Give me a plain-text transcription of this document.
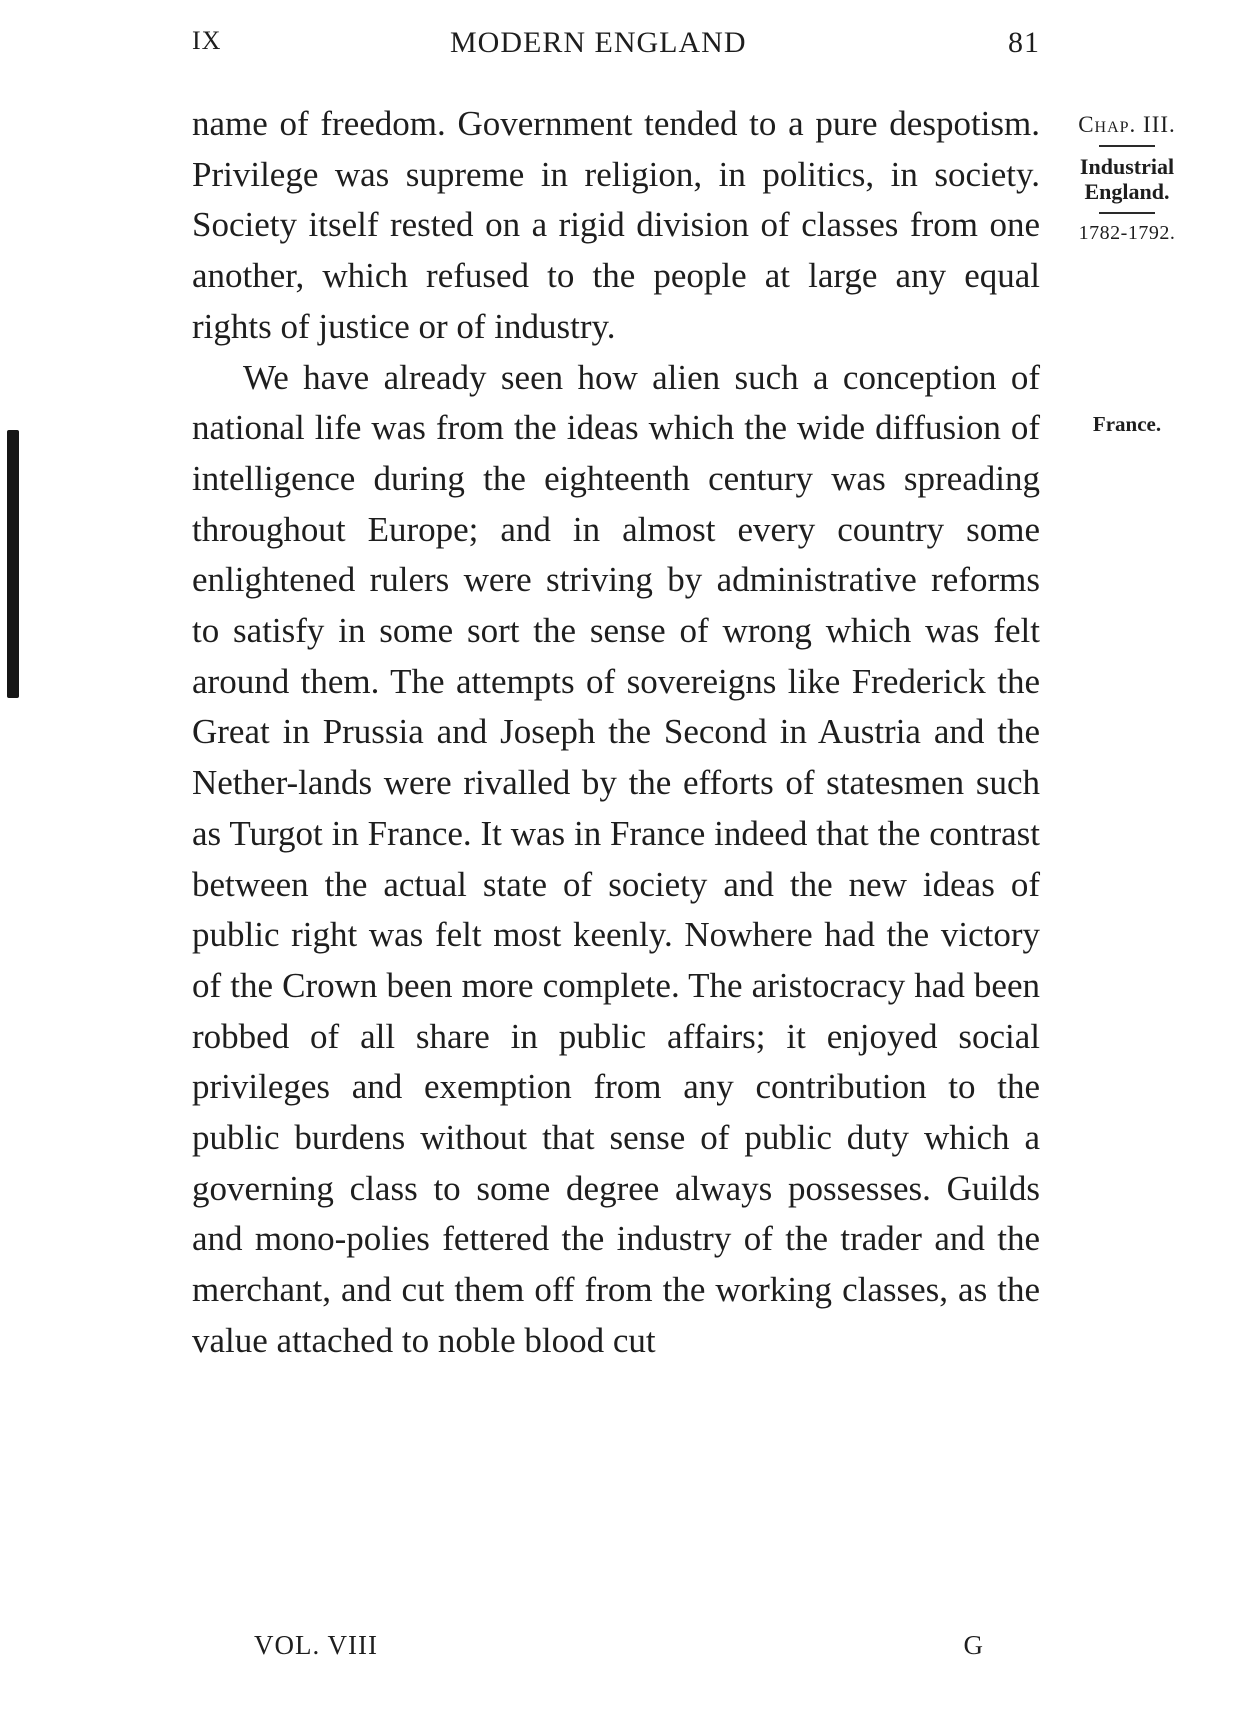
IX	MODERN ENGLAND	81

name of freedom. Government tended to a pure despotism. Privilege was supreme in religion, in politics, in society. Society itself rested on a rigid division of classes from one another, which refused to the people at large any equal rights of justice or of industry.

We have already seen how alien such a conception of national life was from the ideas which the wide diffusion of intelligence during the eighteenth century was spreading throughout Europe; and in almost every country some enlightened rulers were striving by administrative reforms to satisfy in some sort the sense of wrong which was felt around them. The attempts of sovereigns like Frederick the Great in Prussia and Joseph the Second in Austria and the Nether-lands were rivalled by the efforts of statesmen such as Turgot in France. It was in France indeed that the contrast between the actual state of society and the new ideas of public right was felt most keenly. Nowhere had the victory of the Crown been more complete. The aristocracy had been robbed of all share in public affairs; it enjoyed social privileges and exemption from any contribution to the public burdens without that sense of public duty which a governing class to some degree always possesses. Guilds and mono-polies fettered the industry of the trader and the merchant, and cut them off from the working classes, as the value attached to noble blood cut

Chap. III.
Industrial
England.
1782-1792.
France.
VOL. VIII	G
